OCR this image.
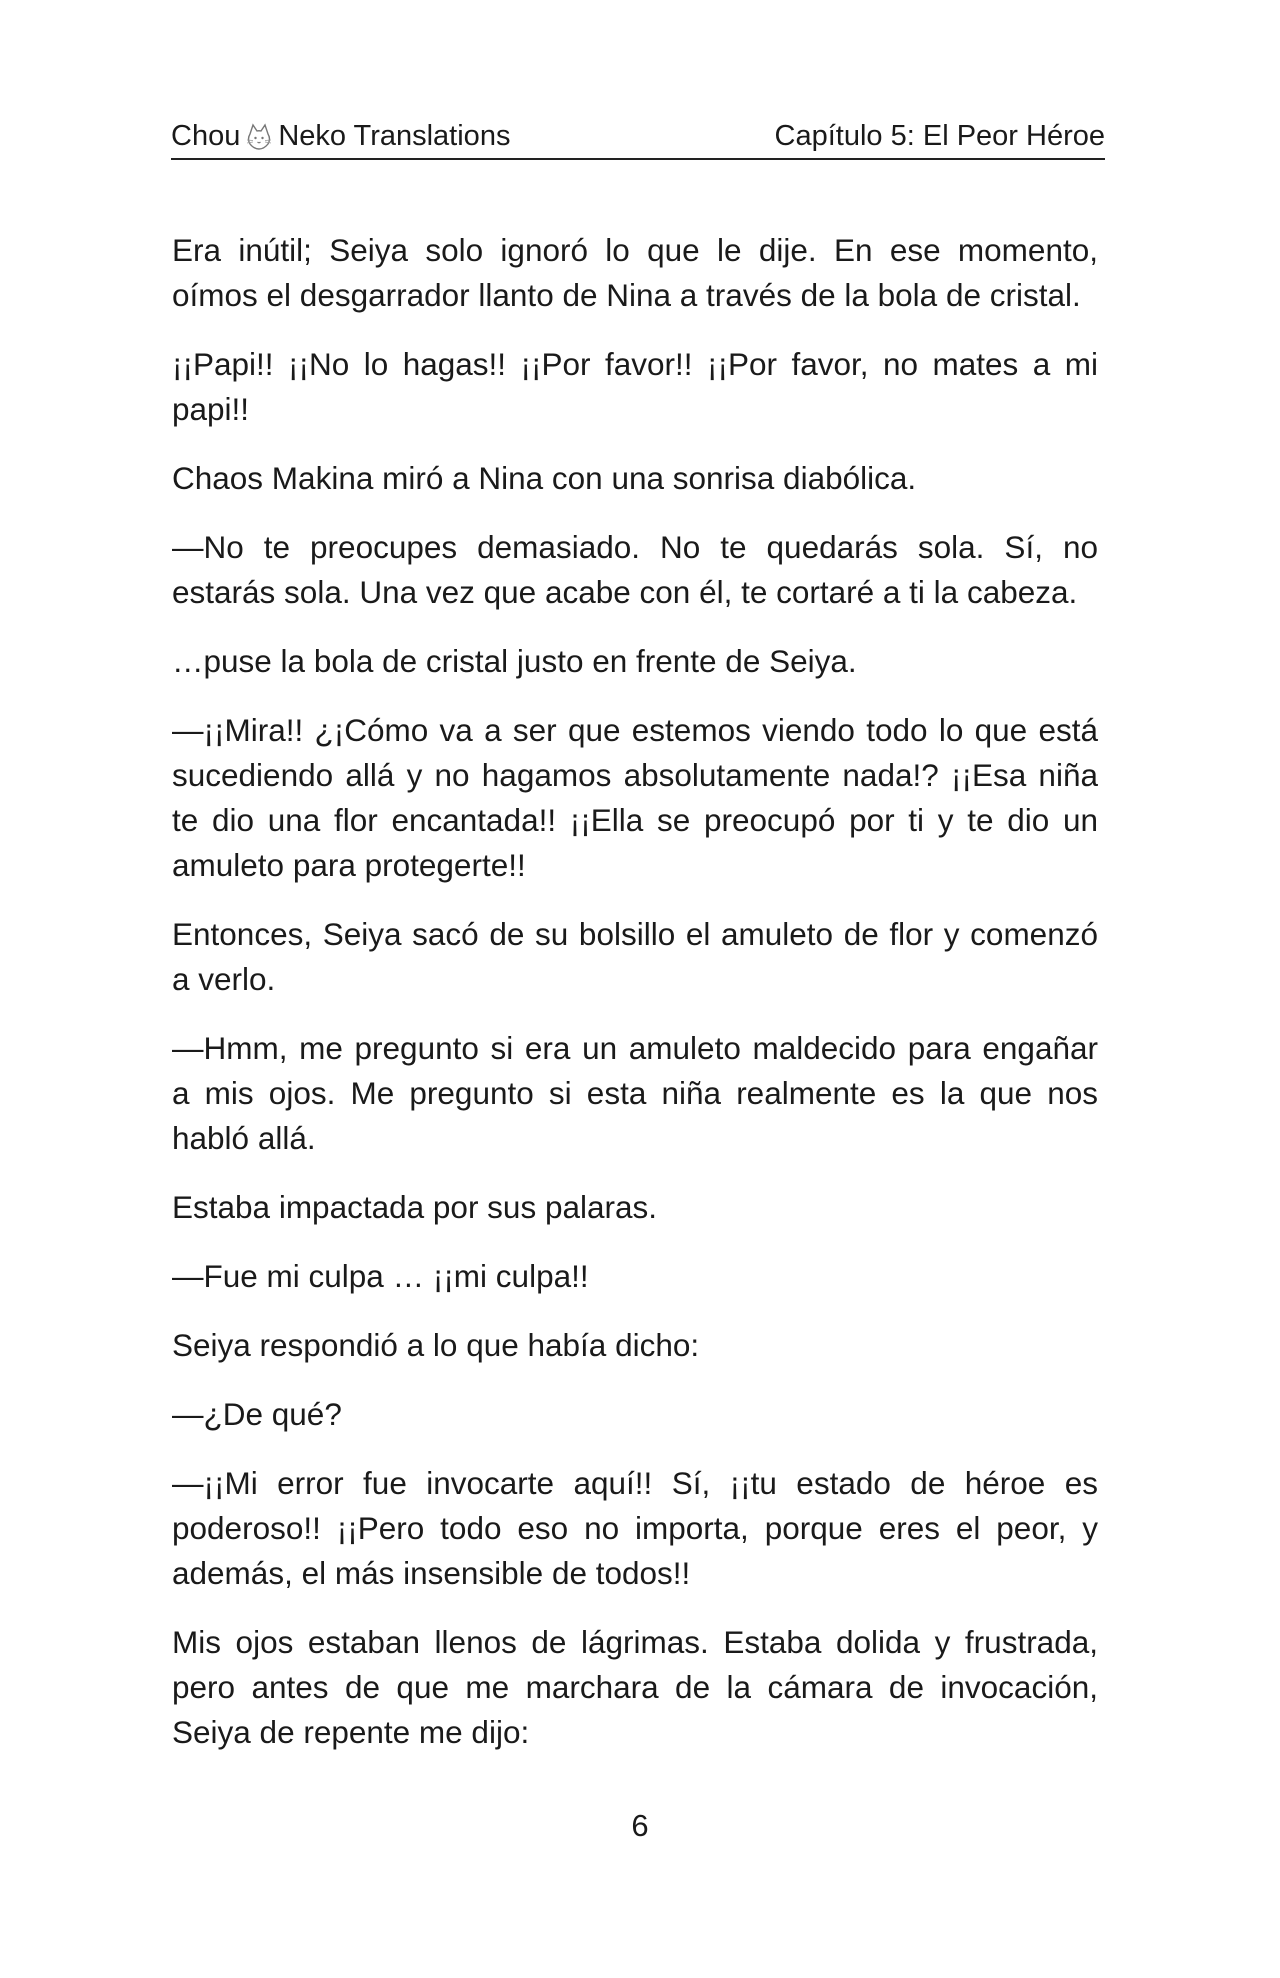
Chou Neko Translations	Capítulo 5: El Peor Héroe

Era inútil; Seiya solo ignoró lo que le dije. En ese momento, oímos el desgarrador llanto de Nina a través de la bola de cristal.

¡¡Papi!! ¡¡No lo hagas!! ¡¡Por favor!! ¡¡Por favor, no mates a mi papi!!

Chaos Makina miró a Nina con una sonrisa diabólica.

—No te preocupes demasiado. No te quedarás sola. Sí, no estarás sola. Una vez que acabe con él, te cortaré a ti la cabeza.

…puse la bola de cristal justo en frente de Seiya.

—¡¡Mira!! ¿¡Cómo va a ser que estemos viendo todo lo que está sucediendo allá y no hagamos absolutamente nada!? ¡¡Esa niña te dio una flor encantada!! ¡¡Ella se preocupó por ti y te dio un amuleto para protegerte!!

Entonces, Seiya sacó de su bolsillo el amuleto de flor y comenzó a verlo.

—Hmm, me pregunto si era un amuleto maldecido para engañar a mis ojos. Me pregunto si esta niña realmente es la que nos habló allá.

Estaba impactada por sus palaras.

—Fue mi culpa … ¡¡mi culpa!!

Seiya respondió a lo que había dicho:

—¿De qué?

—¡¡Mi error fue invocarte aquí!! Sí, ¡¡tu estado de héroe es poderoso!! ¡¡Pero todo eso no importa, porque eres el peor, y además, el más insensible de todos!!

Mis ojos estaban llenos de lágrimas. Estaba dolida y frustrada, pero antes de que me marchara de la cámara de invocación, Seiya de repente me dijo:

6
